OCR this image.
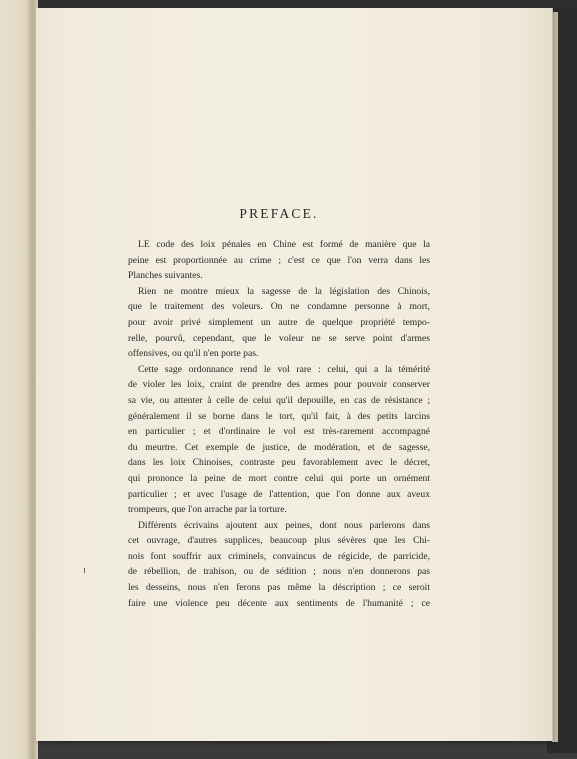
PREFACE.

LE code des loix pénales en Chine est formé de manière que la
peine est proportionnée au crime ; c'est ce que l'on verra dans les
Planches suivantes.

Rien ne montre mieux la sagesse de la législation des Chinois,
que le traitement des voleurs. On ne condamne personne à mort,
pour avoir privé simplement un autre de quelque propriété tempo-
relle, pourvû, cependant, que le voleur ne se serve point d'armes
offensives, ou qu'il n'en porte pas.

Cette sage ordonnance rend le vol rare : celui, qui a la témérité
de violer les loix, craint de prendre des armes pour pouvoir conserver
sa vie, ou attenter à celle de celui qu'il depouille, en cas de résistance ;
généralement il se borne dans le tort, qu'il fait, à des petits larcins
en particulier ; et d'ordinaire le vol est très-rarement accompagné
du meurtre. Cet exemple de justice, de modération, et de sagesse,
dans les loix Chinoises, contraste peu favorablement avec le décret,
qui prononce la peine de mort contre celui qui porte un ornément
particulier ; et avec l'usage de l'attention, que l'on donne aux aveux
trompeurs, que l'on arrache par la torture.

Différents écrivains ajoutent aux peines, dont nous parlerons dans
cet ouvrage, d'autres supplices, beaucoup plus sévères que les Chi-
nois font souffrir aux criminels, convaincus de régicide, de parricide,
de rébellion, de trahison, ou de sédition ; nous n'en donnerons pas
les desseins, nous n'en ferons pas même la déscription ; ce seroit
faire une violence peu décente aux sentiments de l'humanité ; ce
